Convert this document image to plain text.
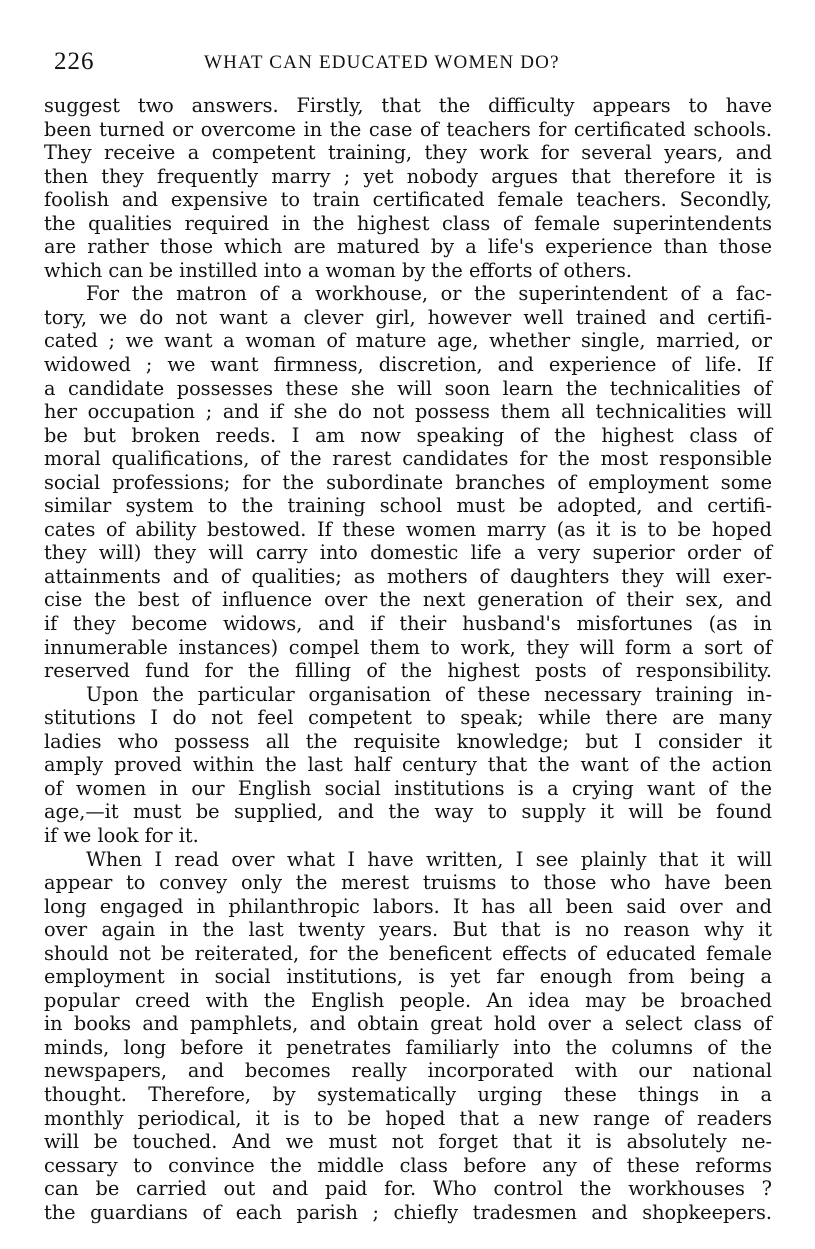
226	WHAT CAN EDUCATED WOMEN DO?
suggest two answers. Firstly, that the difficulty appears to have
been turned or overcome in the case of teachers for certificated schools.
They receive a competent training, they work for several years, and
then they frequently marry ; yet nobody argues that therefore it is
foolish and expensive to train certificated female teachers. Secondly,
the qualities required in the highest class of female superintendents
are rather those which are matured by a life's experience than those
which can be instilled into a woman by the efforts of others.
For the matron of a workhouse, or the superintendent of a fac-
tory, we do not want a clever girl, however well trained and certifi-
cated ; we want a woman of mature age, whether single, married, or
widowed ; we want firmness, discretion, and experience of life. If
a candidate possesses these she will soon learn the technicalities of
her occupation ; and if she do not possess them all technicalities will
be but broken reeds. I am now speaking of the highest class of
moral qualifications, of the rarest candidates for the most responsible
social professions; for the subordinate branches of employment some
similar system to the training school must be adopted, and certifi-
cates of ability bestowed. If these women marry (as it is to be hoped
they will) they will carry into domestic life a very superior order of
attainments and of qualities; as mothers of daughters they will exer-
cise the best of influence over the next generation of their sex, and
if they become widows, and if their husband's misfortunes (as in
innumerable instances) compel them to work, they will form a sort of
reserved fund for the filling of the highest posts of responsibility.
Upon the particular organisation of these necessary training in-
stitutions I do not feel competent to speak; while there are many
ladies who possess all the requisite knowledge; but I consider it
amply proved within the last half century that the want of the action
of women in our English social institutions is a crying want of the
age,—it must be supplied, and the way to supply it will be found
if we look for it.
When I read over what I have written, I see plainly that it will
appear to convey only the merest truisms to those who have been
long engaged in philanthropic labors. It has all been said over and
over again in the last twenty years. But that is no reason why it
should not be reiterated, for the beneficent effects of educated female
employment in social institutions, is yet far enough from being a
popular creed with the English people. An idea may be broached
in books and pamphlets, and obtain great hold over a select class of
minds, long before it penetrates familiarly into the columns of the
newspapers, and becomes really incorporated with our national
thought. Therefore, by systematically urging these things in a
monthly periodical, it is to be hoped that a new range of readers
will be touched. And we must not forget that it is absolutely ne-
cessary to convince the middle class before any of these reforms
can be carried out and paid for. Who control the workhouses ?
the guardians of each parish ; chiefly tradesmen and shopkeepers.
